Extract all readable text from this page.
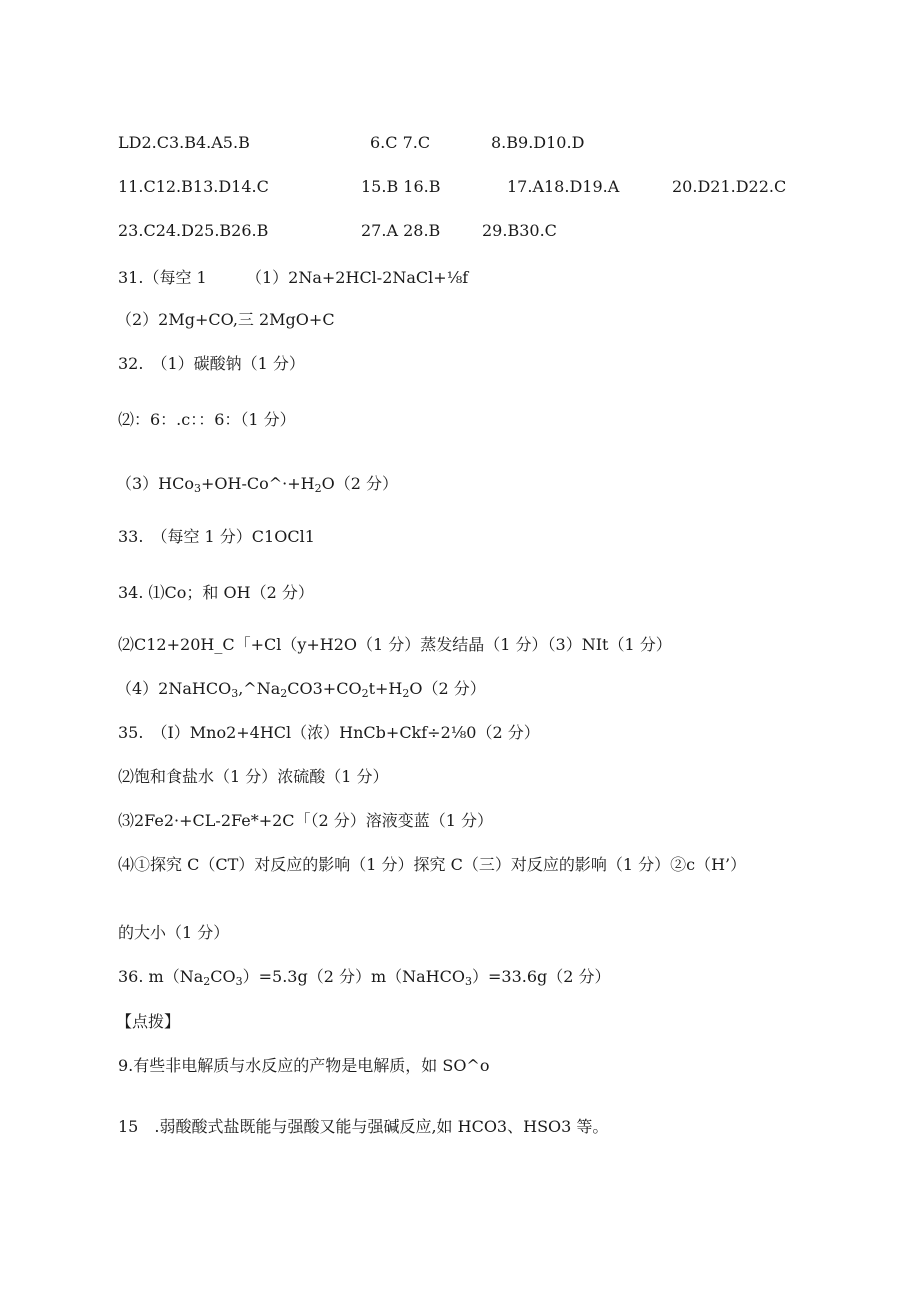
LD2.C3.B4.A5.B	6.C 7.C	8.B9.D10.D
11.C12.B13.D14.C	15.B 16.B	17.A18.D19.A	20.D21.D22.C
23.C24.D25.B26.B	27.A 28.B	29.B30.C
31.（每空 1 （1）2Na+2HCl-2NaCl+⅛f
（2）2Mg+CO,三 2MgO+C
32.　（1）碳酸钠（1 分）
⑵：6：.c：：6：（1 分）
$(3)HCo_3+OH-Co\^{}\cdot+H_2O(2$ 分）
33.　（每空 1 分）C1OCl1
34. ⑴Co；和 OH（2 分）
⑵C12+20H_C「+Cl（y+H2O（1 分）蒸发结晶（1 分）（3）NIt（1 分）
$(4)2NaHCO_3,\^{}Na_2CO3+CO_2t+H_2O(2$ 分）
35.　（I）Mno2+4HCl（浓）HnCb+Ckf÷2⅛0（2 分）
⑵饱和食盐水（1 分）浓硫酸（1 分）
⑶2Fe2·+CL-2Fe*+2C「（2 分）溶液变蓝（1 分）
⑷①探究 C（CT）对反应的影响（1 分）探究 C（三）对反应的影响（1 分）②c（H’）
的大小（1 分）
36. $m(Na_2CO_3)=5.3g(2$ 分）m（NaHCO$_3$）=33.6g（2 分）
【点拨】
9.有些非电解质与水反应的产物是电解质，如 SO^o
15　.弱酸酸式盐既能与强酸又能与强碱反应,如 HCO3、HSO3 等。
